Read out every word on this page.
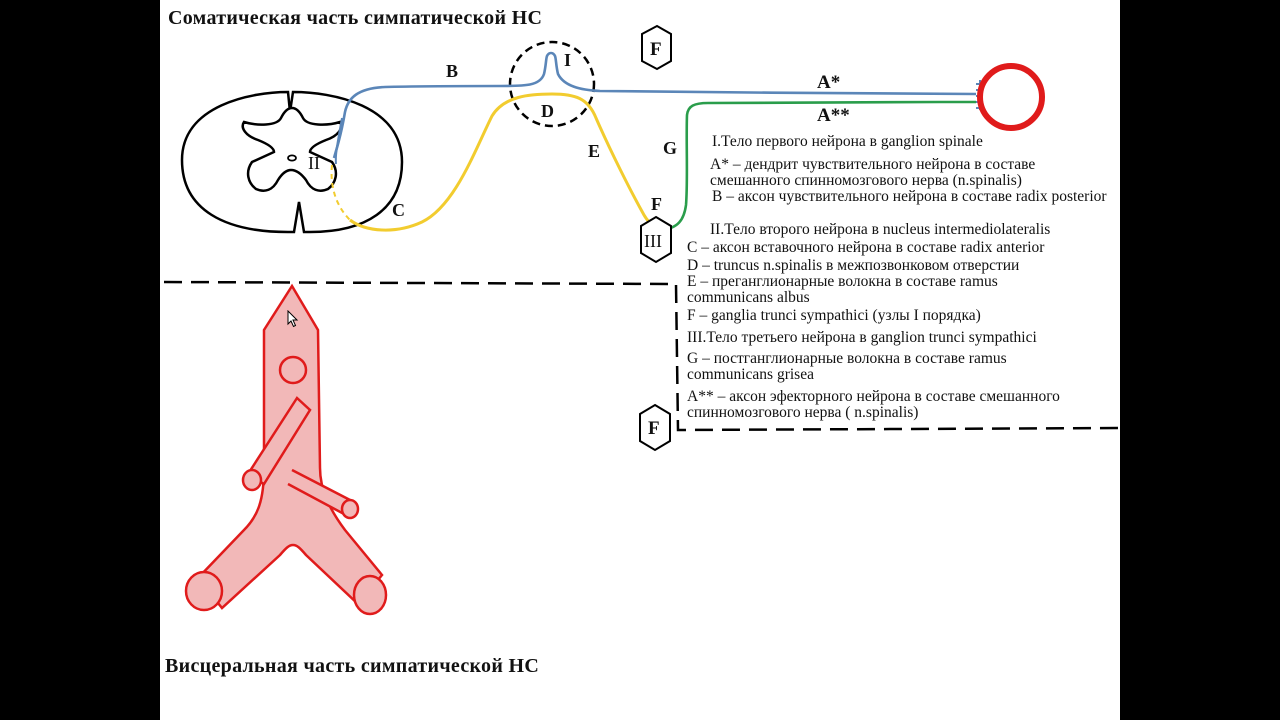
B
I
D
E
C
II
G
F
III
A*
A**
F
F
Соматическая часть симпатической НС
Висцеральная часть симпатической НС
I.Тело первого нейрона в ganglion spinale
A* – дендрит чувствительного нейрона в составе смешанного спинномозгового нерва (n.spinalis)
B – аксон чувствительного нейрона в составе radix posterior
II.Тело второго нейрона в nucleus intermediolateralis
C – аксон вставочного нейрона в составе radix anterior
D – truncus n.spinalis в межпозвонковом отверстии
E – преганглионарные волокна в составе ramus communicans albus
F – ganglia trunci sympathici (узлы I порядка)
III.Тело третьего нейрона в ganglion trunci sympathici
G – постганглионарные волокна в составе ramus communicans grisea
A** – аксон эфекторного нейрона в составе смешанного спинномозгового нерва ( n.spinalis)
